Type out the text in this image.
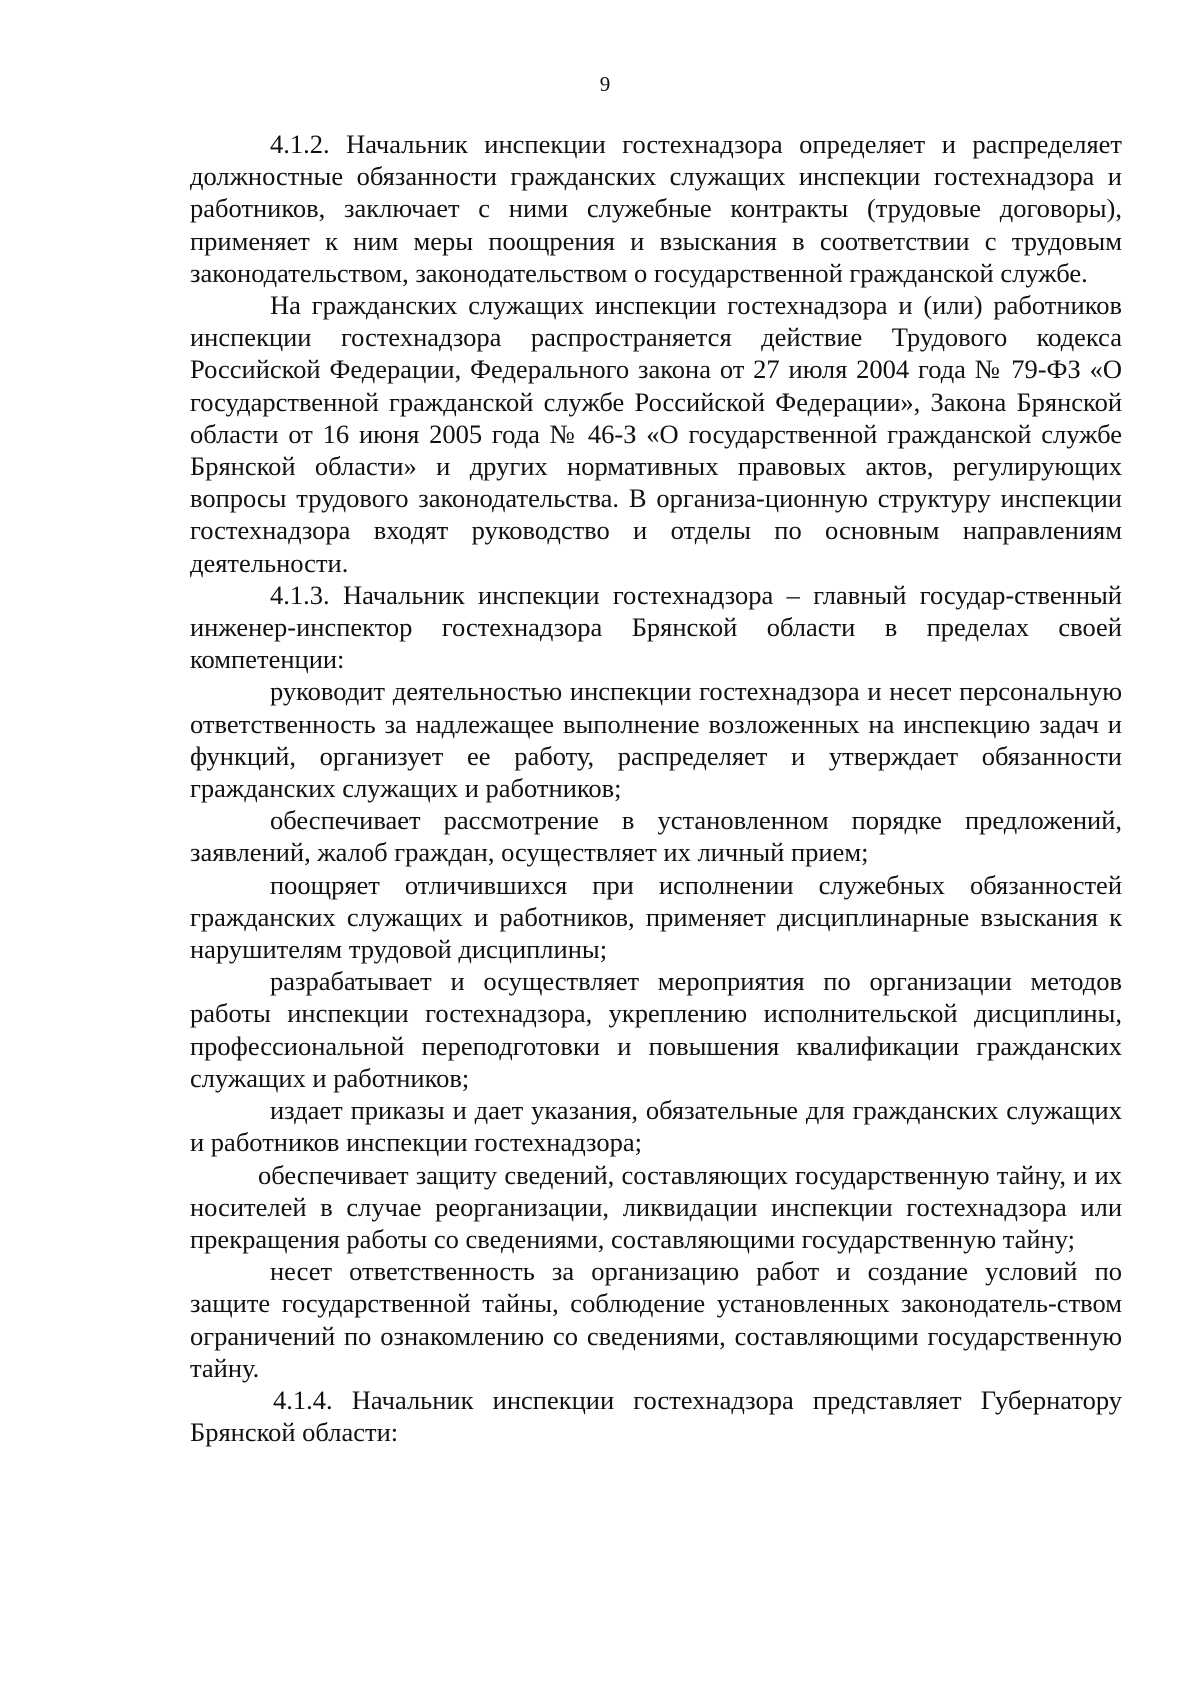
9

4.1.2. Начальник инспекции гостехнадзора определяет и распределяет должностные обязанности гражданских служащих инспекции гостехнадзора и работников, заключает с ними служебные контракты (трудовые договоры), применяет к ним меры поощрения и взыскания в соответствии с трудовым законодательством, законодательством о государственной гражданской службе.

На гражданских служащих инспекции гостехнадзора и (или) работников инспекции гостехнадзора распространяется действие Трудового кодекса Российской Федерации, Федерального закона от 27 июля 2004 года № 79-ФЗ «О государственной гражданской службе Российской Федерации», Закона Брянской области от 16 июня 2005 года № 46-З «О государственной гражданской службе Брянской области» и других нормативных правовых актов, регулирующих вопросы трудового законодательства. В организа-ционную структуру инспекции гостехнадзора входят руководство и отделы по основным направлениям деятельности.

4.1.3. Начальник инспекции гостехнадзора – главный государ-ственный инженер-инспектор гостехнадзора Брянской области в пределах своей компетенции:

руководит деятельностью инспекции гостехнадзора и несет персональную ответственность за надлежащее выполнение возложенных на инспекцию задач и функций, организует ее работу, распределяет и утверждает обязанности гражданских служащих и работников;

обеспечивает рассмотрение в установленном порядке предложений, заявлений, жалоб граждан, осуществляет их личный прием;

поощряет отличившихся при исполнении служебных обязанностей гражданских служащих и работников, применяет дисциплинарные взыскания к нарушителям трудовой дисциплины;

разрабатывает и осуществляет мероприятия по организации методов работы инспекции гостехнадзора, укреплению исполнительской дисциплины, профессиональной переподготовки и повышения квалификации гражданских служащих и работников;

издает приказы и дает указания, обязательные для гражданских служащих и работников инспекции гостехнадзора;

обеспечивает защиту сведений, составляющих государственную тайну, и их носителей в случае реорганизации, ликвидации инспекции гостехнадзора или прекращения работы со сведениями, составляющими государственную тайну;

несет ответственность за организацию работ и создание условий по защите государственной тайны, соблюдение установленных законодатель-ством ограничений по ознакомлению со сведениями, составляющими государственную тайну.

4.1.4. Начальник инспекции гостехнадзора представляет Губернатору Брянской области:
